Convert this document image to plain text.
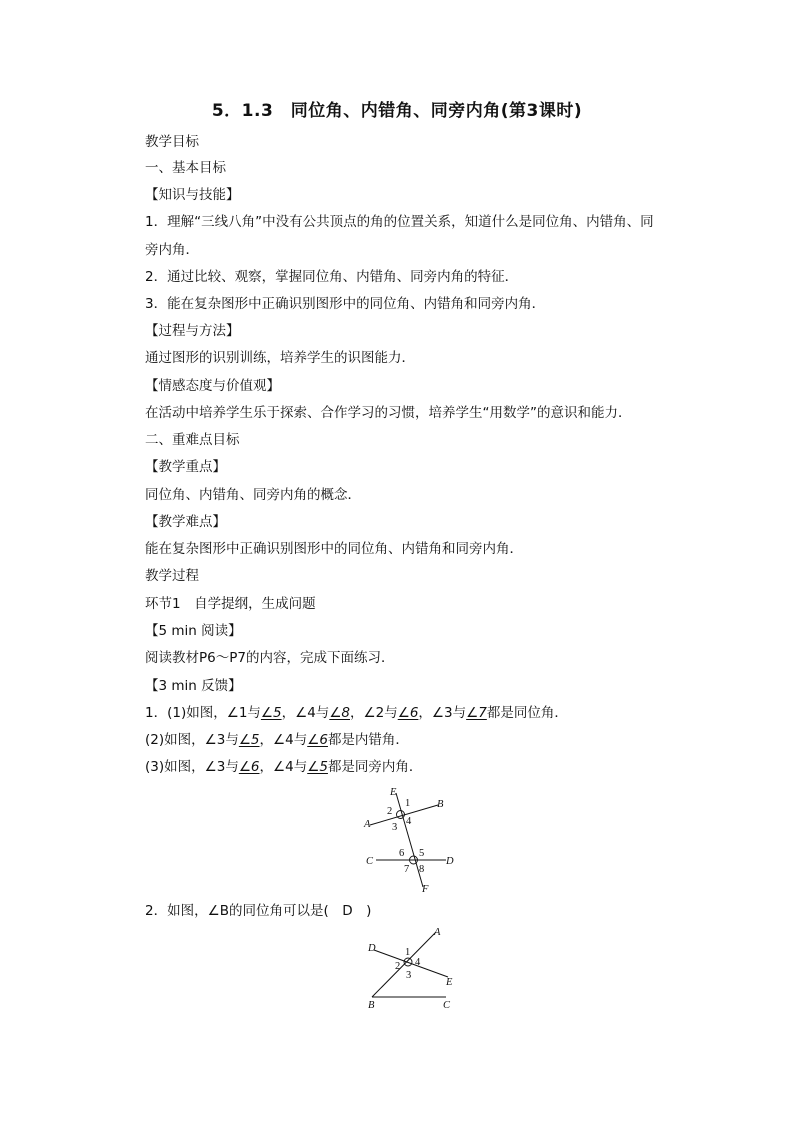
5．1.3　同位角、内错角、同旁内角(第3课时)
教学目标
一、基本目标
【知识与技能】
1．理解“三线八角”中没有公共顶点的角的位置关系，知道什么是同位角、内错角、同
旁内角．
2．通过比较、观察，掌握同位角、内错角、同旁内角的特征．
3．能在复杂图形中正确识别图形中的同位角、内错角和同旁内角．
【过程与方法】
通过图形的识别训练，培养学生的识图能力．
【情感态度与价值观】
在活动中培养学生乐于探索、合作学习的习惯，培养学生“用数学”的意识和能力．
二、重难点目标
【教学重点】
同位角、内错角、同旁内角的概念．
【教学难点】
能在复杂图形中正确识别图形中的同位角、内错角和同旁内角．
教学过程
环节1　自学提纲，生成问题
【5 min 阅读】
阅读教材P6～P7的内容，完成下面练习．
【3 min 反馈】
1．(1)如图，∠1与∠5，∠4与∠8，∠2与∠6，∠3与∠7都是同位角．
(2)如图，∠3与∠5，∠4与∠6都是内错角．
(3)如图，∠3与∠6，∠4与∠5都是同旁内角．
E
B
A
C	D
F
1
2
3
4
5
6
7 8
2．如图，∠B的同位角可以是(　D　)
A
D
E
B	C
1
2
3
4
